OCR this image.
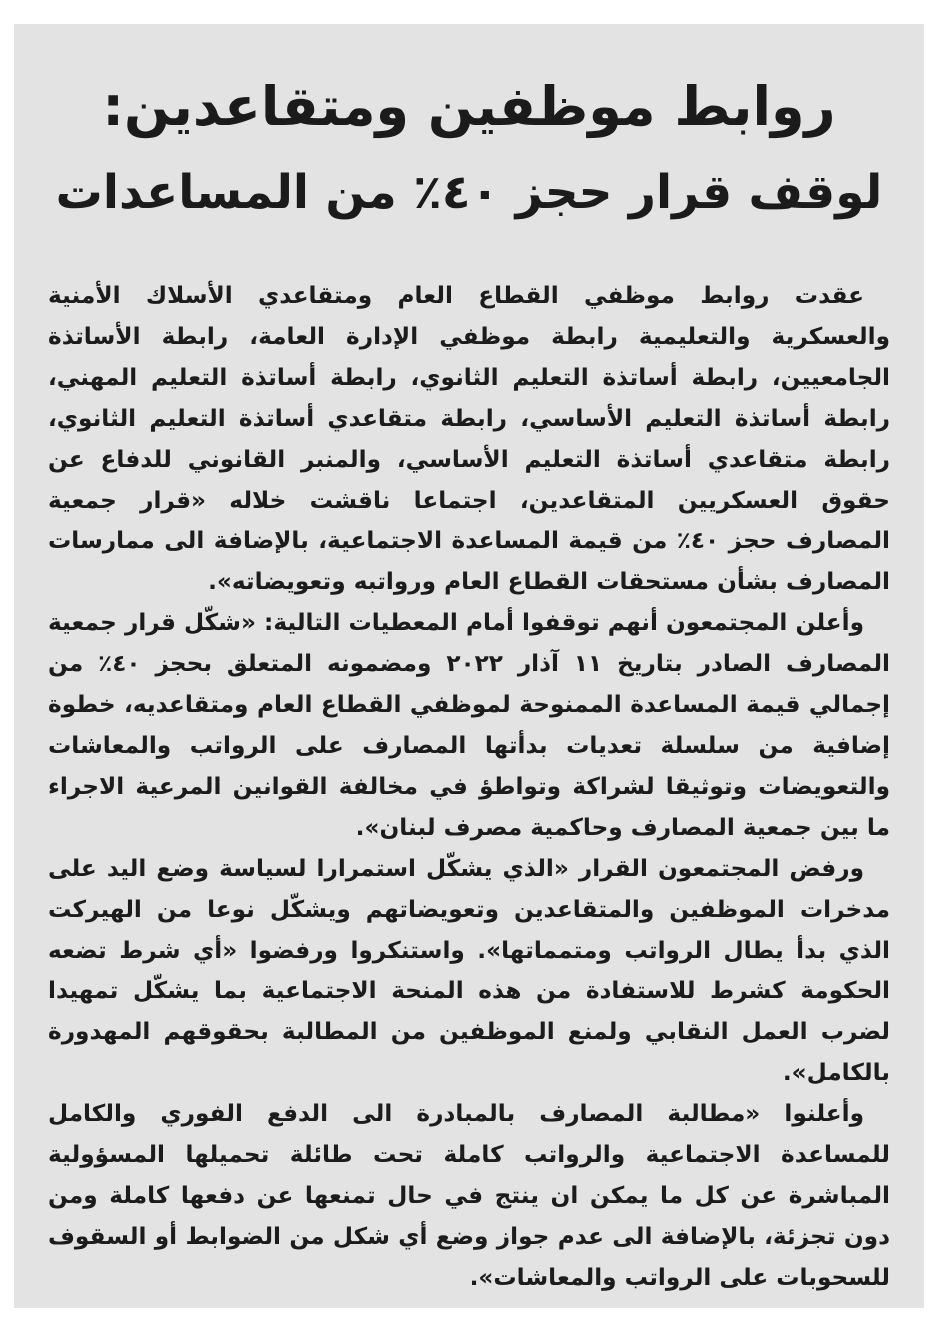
روابط موظفين ومتقاعدين:
لوقف قرار حجز ٤٠٪ من المساعدات

عقدت روابط موظفي القطاع العام ومتقاعدي الأسلاك الأمنية والعسكرية والتعليمية رابطة موظفي الإدارة العامة، رابطة الأساتذة الجامعيين، رابطة أساتذة التعليم الثانوي، رابطة أساتذة التعليم المهني، رابطة أساتذة التعليم الأساسي، رابطة متقاعدي أساتذة التعليم الثانوي، رابطة متقاعدي أساتذة التعليم الأساسي، والمنبر القانوني للدفاع عن حقوق العسكريين المتقاعدين، اجتماعا ناقشت خلاله «قرار جمعية المصارف حجز ٤٠٪ من قيمة المساعدة الاجتماعية، بالإضافة الى ممارسات المصارف بشأن مستحقات القطاع العام ورواتبه وتعويضاته».

وأعلن المجتمعون أنهم توقفوا أمام المعطيات التالية: «شكّل قرار جمعية المصارف الصادر بتاريخ ١١ آذار ٢٠٢٢ ومضمونه المتعلق بحجز ٤٠٪ من إجمالي قيمة المساعدة الممنوحة لموظفي القطاع العام ومتقاعديه، خطوة إضافية من سلسلة تعديات بدأتها المصارف على الرواتب والمعاشات والتعويضات وتوثيقا لشراكة وتواطؤ في مخالفة القوانين المرعية الاجراء ما بين جمعية المصارف وحاكمية مصرف لبنان».

ورفض المجتمعون القرار «الذي يشكّل استمرارا لسياسة وضع اليد على مدخرات الموظفين والمتقاعدين وتعويضاتهم ويشكّل نوعا من الهيركت الذي بدأ يطال الرواتب ومتمماتها». واستنكروا ورفضوا «أي شرط تضعه الحكومة كشرط للاستفادة من هذه المنحة الاجتماعية بما يشكّل تمهيدا لضرب العمل النقابي ولمنع الموظفين من المطالبة بحقوقهم المهدورة بالكامل».

وأعلنوا «مطالبة المصارف بالمبادرة الى الدفع الفوري والكامل للمساعدة الاجتماعية والرواتب كاملة تحت طائلة تحميلها المسؤولية المباشرة عن كل ما يمكن ان ينتج في حال تمنعها عن دفعها كاملة ومن دون تجزئة، بالإضافة الى عدم جواز وضع أي شكل من الضوابط أو السقوف للسحوبات على الرواتب والمعاشات».
